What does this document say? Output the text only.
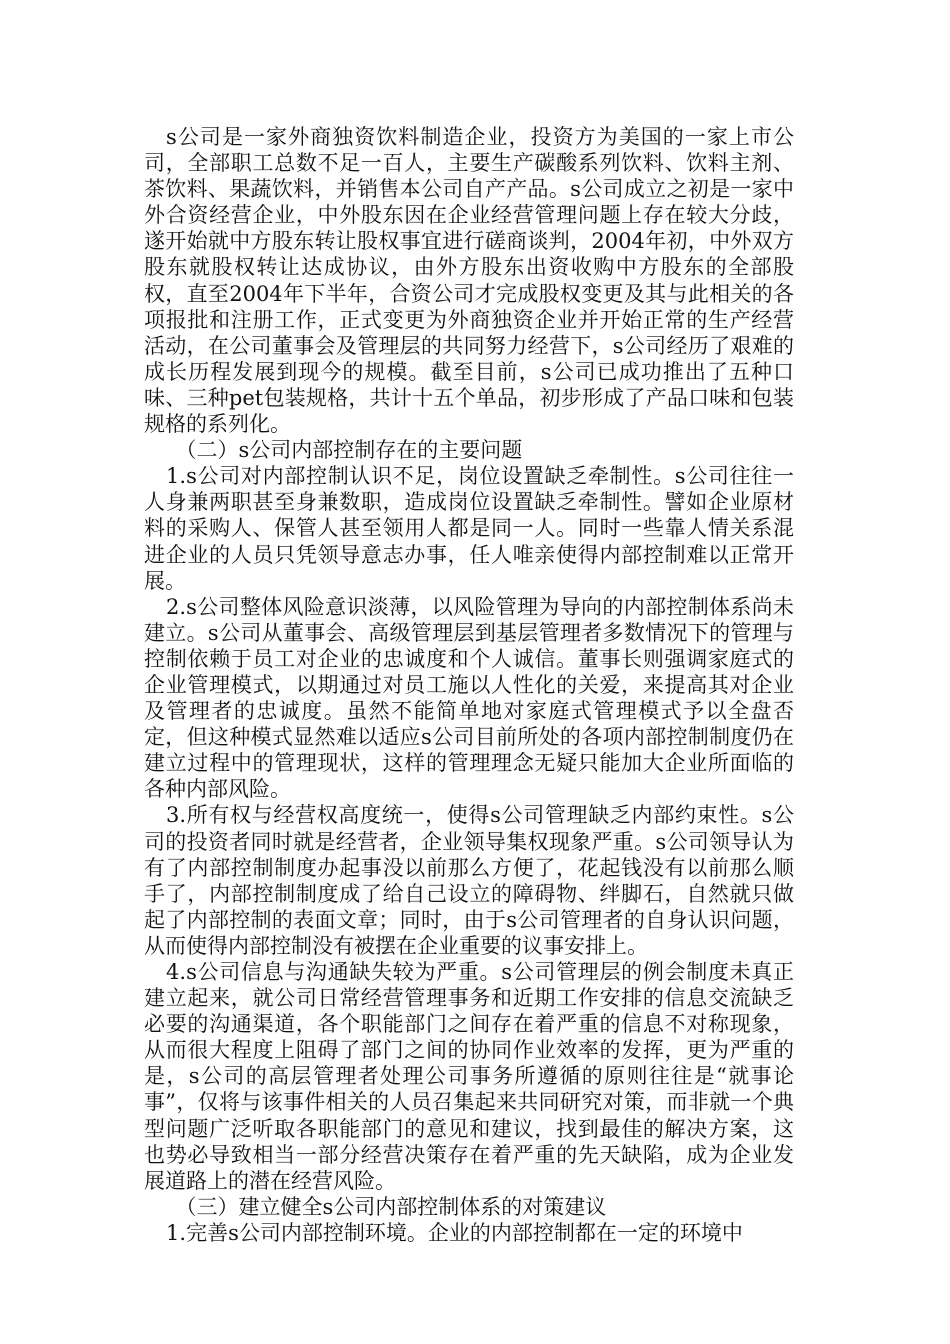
s公司是一家外商独资饮料制造企业，投资方为美国的一家上市公司，全部职工总数不足一百人，主要生产碳酸系列饮料、饮料主剂、茶饮料、果蔬饮料，并销售本公司自产产品。s公司成立之初是一家中外合资经营企业，中外股东因在企业经营管理问题上存在较大分歧，遂开始就中方股东转让股权事宜进行磋商谈判，2004年初，中外双方股东就股权转让达成协议，由外方股东出资收购中方股东的全部股权，直至2004年下半年，合资公司才完成股权变更及其与此相关的各项报批和注册工作，正式变更为外商独资企业并开始正常的生产经营活动，在公司董事会及管理层的共同努力经营下，s公司经历了艰难的成长历程发展到现今的规模。截至目前，s公司已成功推出了五种口味、三种pet包装规格，共计十五个单品，初步形成了产品口味和包装规格的系列化。

（二）s公司内部控制存在的主要问题

1.s公司对内部控制认识不足，岗位设置缺乏牵制性。s公司往往一人身兼两职甚至身兼数职，造成岗位设置缺乏牵制性。譬如企业原材料的采购人、保管人甚至领用人都是同一人。同时一些靠人情关系混进企业的人员只凭领导意志办事，任人唯亲使得内部控制难以正常开展。

2.s公司整体风险意识淡薄，以风险管理为导向的内部控制体系尚未建立。s公司从董事会、高级管理层到基层管理者多数情况下的管理与控制依赖于员工对企业的忠诚度和个人诚信。董事长则强调家庭式的企业管理模式，以期通过对员工施以人性化的关爱，来提高其对企业及管理者的忠诚度。虽然不能简单地对家庭式管理模式予以全盘否定，但这种模式显然难以适应s公司目前所处的各项内部控制制度仍在建立过程中的管理现状，这样的管理理念无疑只能加大企业所面临的各种内部风险。

3.所有权与经营权高度统一，使得s公司管理缺乏内部约束性。s公司的投资者同时就是经营者，企业领导集权现象严重。s公司领导认为有了内部控制制度办起事没以前那么方便了，花起钱没有以前那么顺手了，内部控制制度成了给自己设立的障碍物、绊脚石，自然就只做起了内部控制的表面文章；同时，由于s公司管理者的自身认识问题，从而使得内部控制没有被摆在企业重要的议事安排上。

4.s公司信息与沟通缺失较为严重。s公司管理层的例会制度未真正建立起来，就公司日常经营管理事务和近期工作安排的信息交流缺乏必要的沟通渠道，各个职能部门之间存在着严重的信息不对称现象，从而很大程度上阻碍了部门之间的协同作业效率的发挥，更为严重的是，s公司的高层管理者处理公司事务所遵循的原则往往是“就事论事”，仅将与该事件相关的人员召集起来共同研究对策，而非就一个典型问题广泛听取各职能部门的意见和建议，找到最佳的解决方案，这也势必导致相当一部分经营决策存在着严重的先天缺陷，成为企业发展道路上的潜在经营风险。

（三）建立健全s公司内部控制体系的对策建议

1.完善s公司内部控制环境。企业的内部控制都在一定的环境中
